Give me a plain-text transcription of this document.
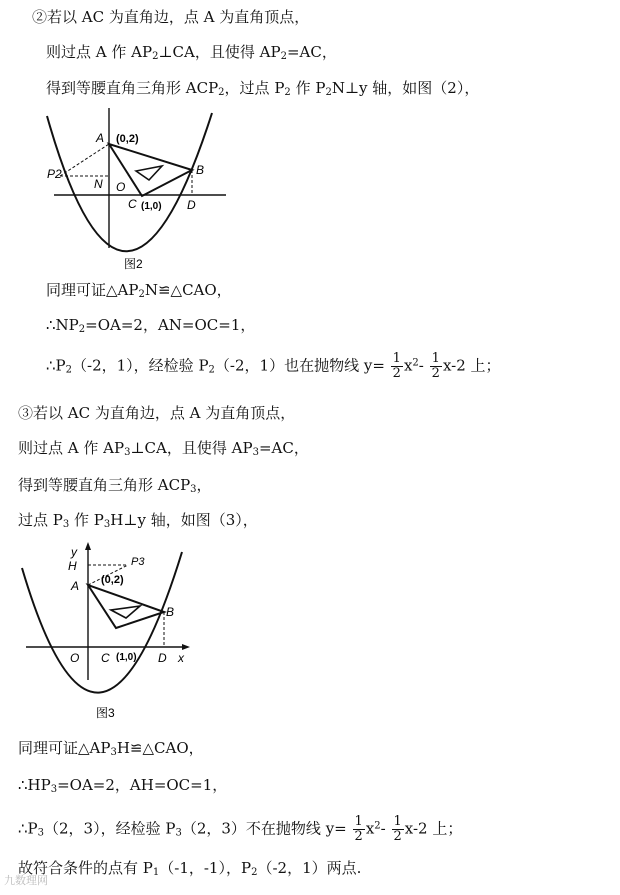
②若以 AC 为直角边，点 A 为直角顶点，
则过点 A 作 $AP_2\perp CA$，且使得 $AP_2=AC$，
得到等腰直角三角形 $ACP_2$，过点 $P_2$ 作 $P_2N\perp y$ 轴，如图（2），
(0,2)
A
P2
N O
B
C (1,0) D
图2
同理可证$\triangle AP_2N≌\triangle CAO$，
$\therefore NP_2=OA=2$，AN=OC=1，
$\therefore P_2(-2$，1），经检验 $P_2(-2$，1）也在抛物线 $y= \frac{1}{2} x^2- \frac{1}{2} x-2$ 上；
③若以 AC 为直角边，点 A 为直角顶点，
则过点 A 作 $AP_3\perp CA$，且使得 $AP_3=AC$，
得到等腰直角三角形 $ACP_3$，
过点 $P_3$ 作 $P_3H\perp y$ 轴，如图（3），
y
H	P3
(0,2)
A
B
O C (1,0) D x
图3
同理可证$\triangle AP_3H≌\triangle CAO$，
$\therefore HP_3=OA=2$，AH=OC=1，
$\therefore P_3(2$，3），经检验 $P_3(2$，3）不在抛物线 $y= \frac{1}{2} x^2- \frac{1}{2} x-2$ 上；
故符合条件的点有 $P_1(-1$，-1），$P_2(-2$，1）两点.
九数理网
